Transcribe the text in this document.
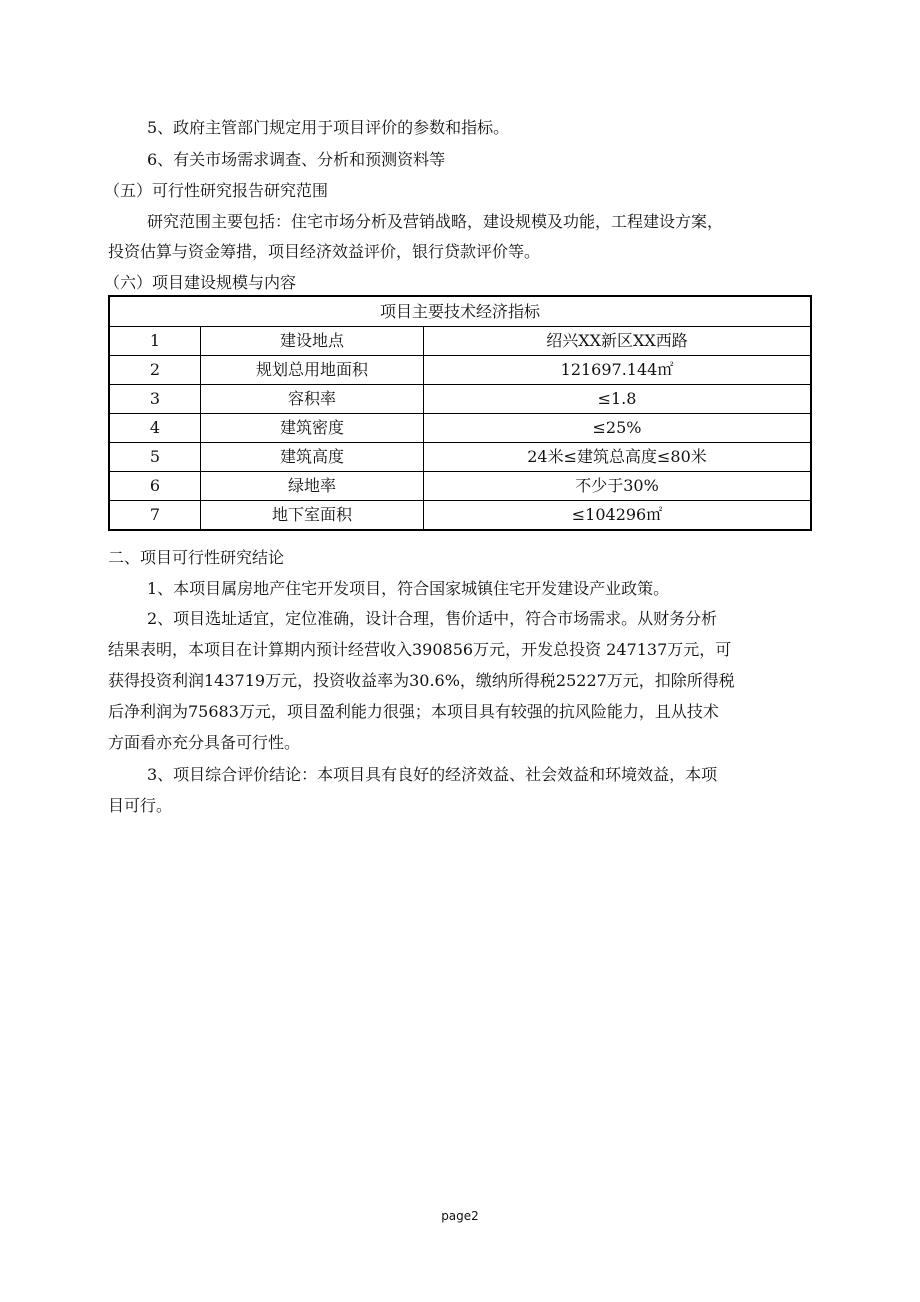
5、政府主管部门规定用于项目评价的参数和指标。
6、有关市场需求调查、分析和预测资料等
（五）可行性研究报告研究范围
研究范围主要包括：住宅市场分析及营销战略，建设规模及功能，工程建设方案，
投资估算与资金筹措，项目经济效益评价，银行贷款评价等。
（六）项目建设规模与内容
项目主要技术经济指标		
1	建设地点	绍兴XX新区XX西路
2	规划总用地面积	121697.144㎡
3	容积率	≤1.8
4	建筑密度	≤25%
5	建筑高度	24米≤建筑总高度≤80米
6	绿地率	不少于30%
7	地下室面积	≤104296㎡
二、项目可行性研究结论
1、本项目属房地产住宅开发项目，符合国家城镇住宅开发建设产业政策。
2、项目选址适宜，定位准确，设计合理，售价适中，符合市场需求。从财务分析
结果表明，本项目在计算期内预计经营收入390856万元，开发总投资 247137万元，可
获得投资利润143719万元，投资收益率为30.6%，缴纳所得税25227万元，扣除所得税
后净利润为75683万元，项目盈利能力很强；本项目具有较强的抗风险能力，且从技术
方面看亦充分具备可行性。
3、项目综合评价结论：本项目具有良好的经济效益、社会效益和环境效益，本项
目可行。
page2
